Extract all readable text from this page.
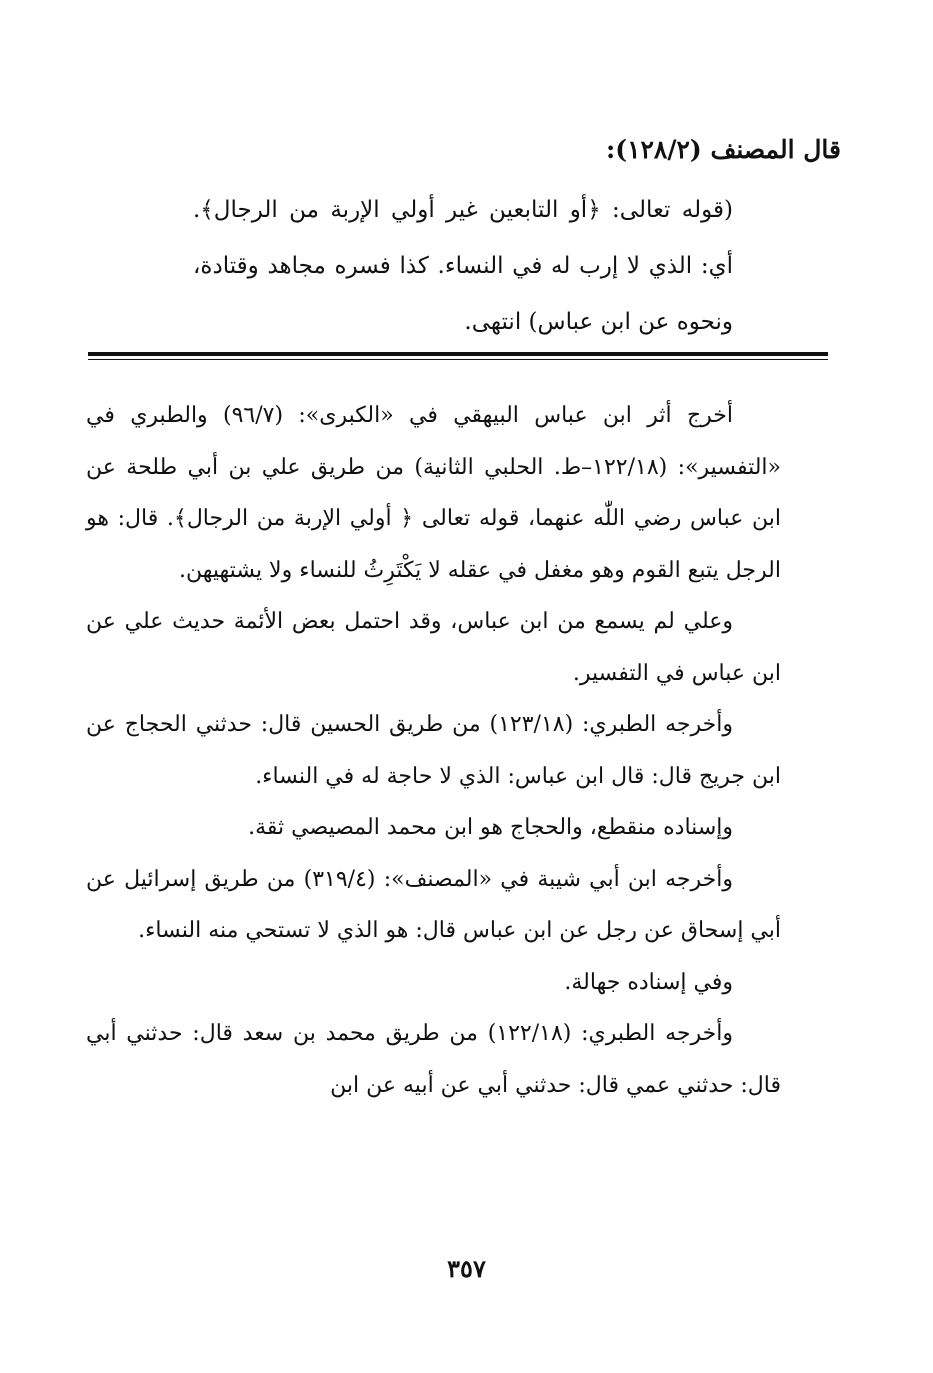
قال المصنف (١٢٨/٢):
(قوله تعالى: ﴿أو التابعين غير أولي الإربة من الرجال﴾. أي: الذي لا إرب له في النساء. كذا فسره مجاهد وقتادة، ونحوه عن ابن عباس) انتهى.

أخرج أثر ابن عباس البيهقي في «الكبرى»: (٩٦/٧) والطبري في «التفسير»: (١٢٢/١٨–ط. الحلبي الثانية) من طريق علي بن أبي طلحة عن ابن عباس رضي اللّٰه عنهما، قوله تعالى ﴿ أولي الإربة من الرجال﴾. قال: هو الرجل يتبع القوم وهو مغفل في عقله لا يَكْتَرِثُ للنساء ولا يشتهيهن.

وعلي لم يسمع من ابن عباس، وقد احتمل بعض الأئمة حديث علي عن ابن عباس في التفسير.

وأخرجه الطبري: (١٢٣/١٨) من طريق الحسين قال: حدثني الحجاج عن ابن جريج قال: قال ابن عباس: الذي لا حاجة له في النساء.

وإسناده منقطع، والحجاج هو ابن محمد المصيصي ثقة.

وأخرجه ابن أبي شيبة في «المصنف»: (٣١٩/٤) من طريق إسرائيل عن أبي إسحاق عن رجل عن ابن عباس قال: هو الذي لا تستحي منه النساء.

وفي إسناده جهالة.

وأخرجه الطبري: (١٢٢/١٨) من طريق محمد بن سعد قال: حدثني أبي قال: حدثني عمي قال: حدثني أبي عن أبيه عن ابن

٣٥٧
